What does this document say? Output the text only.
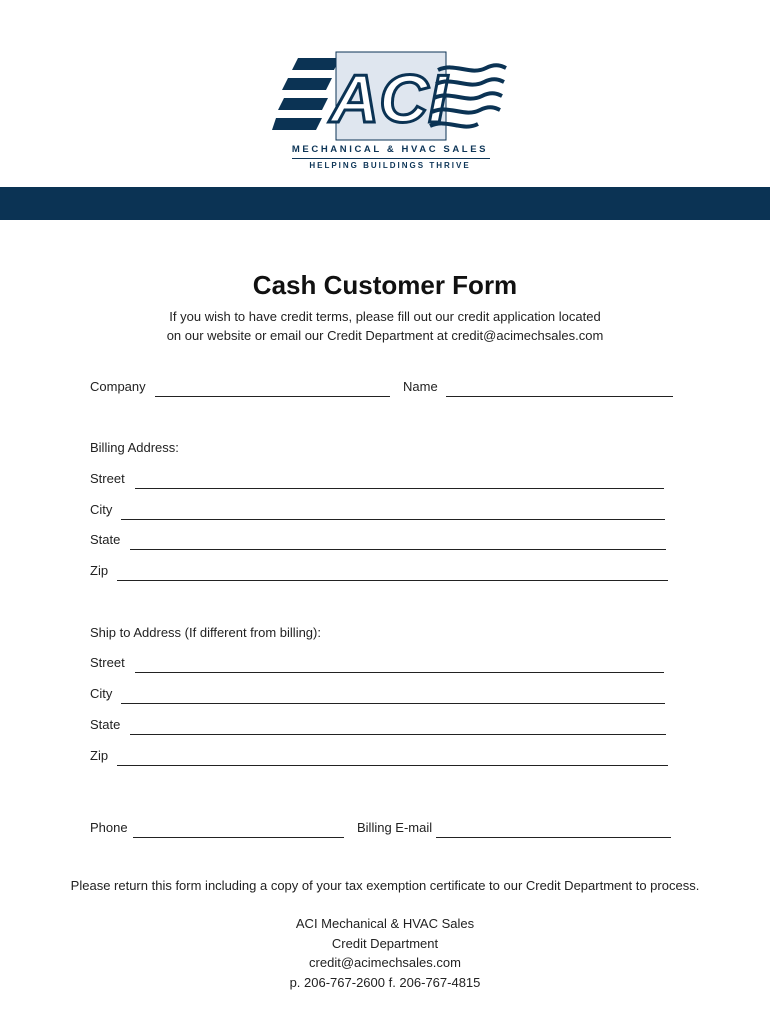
ACI
MECHANICAL & HVAC SALES
HELPING BUILDINGS THRIVE
Cash Customer Form
If you wish to have credit terms, please fill out our credit application located
on our website or email our Credit Department at credit@acimechsales.com
Company	Name
Billing Address:
Street
City
State
Zip
Ship to Address (If different from billing):
Street
City
State
Zip
Phone	Billing E-mail
Please return this form including a copy of your tax exemption certificate to our Credit Department to process.
ACI Mechanical & HVAC Sales
Credit Department
credit@acimechsales.com
p. 206-767-2600 f. 206-767-4815
